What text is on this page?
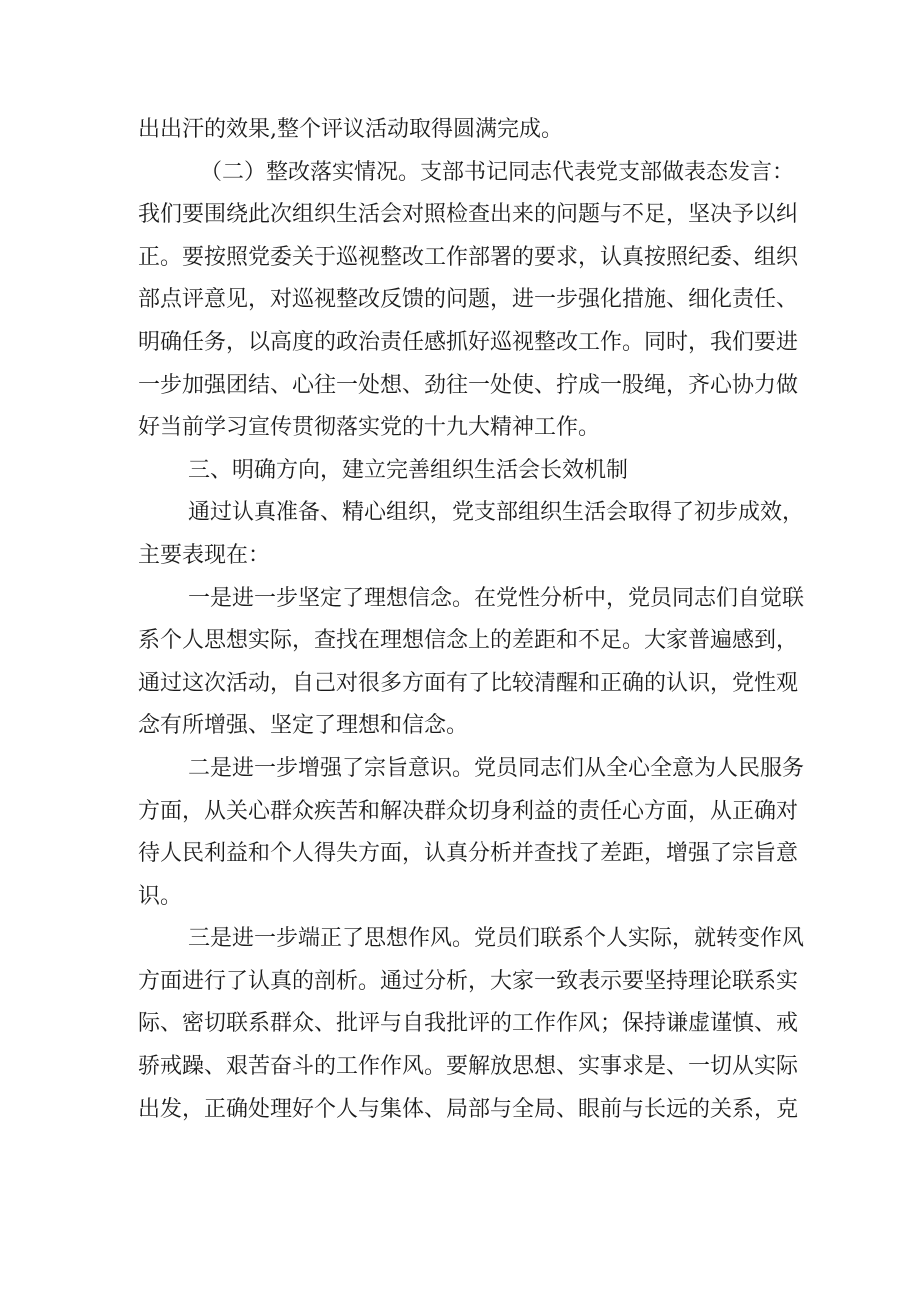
出出汗的效果,整个评议活动取得圆满完成。
（二）整改落实情况。支部书记同志代表党支部做表态发言：
我们要围绕此次组织生活会对照检查出来的问题与不足，坚决予以纠
正。要按照党委关于巡视整改工作部署的要求，认真按照纪委、组织
部点评意见，对巡视整改反馈的问题，进一步强化措施、细化责任、
明确任务，以高度的政治责任感抓好巡视整改工作。同时，我们要进
一步加强团结、心往一处想、劲往一处使、拧成一股绳，齐心协力做
好当前学习宣传贯彻落实党的十九大精神工作。
三、明确方向，建立完善组织生活会长效机制
通过认真准备、精心组织，党支部组织生活会取得了初步成效，
主要表现在：
一是进一步坚定了理想信念。在党性分析中，党员同志们自觉联
系个人思想实际，查找在理想信念上的差距和不足。大家普遍感到，
通过这次活动，自己对很多方面有了比较清醒和正确的认识，党性观
念有所增强、坚定了理想和信念。
二是进一步增强了宗旨意识。党员同志们从全心全意为人民服务
方面，从关心群众疾苦和解决群众切身利益的责任心方面，从正确对
待人民利益和个人得失方面，认真分析并查找了差距，增强了宗旨意
识。
三是进一步端正了思想作风。党员们联系个人实际，就转变作风
方面进行了认真的剖析。通过分析，大家一致表示要坚持理论联系实
际、密切联系群众、批评与自我批评的工作作风；保持谦虚谨慎、戒
骄戒躁、艰苦奋斗的工作作风。要解放思想、实事求是、一切从实际
出发，正确处理好个人与集体、局部与全局、眼前与长远的关系，克
